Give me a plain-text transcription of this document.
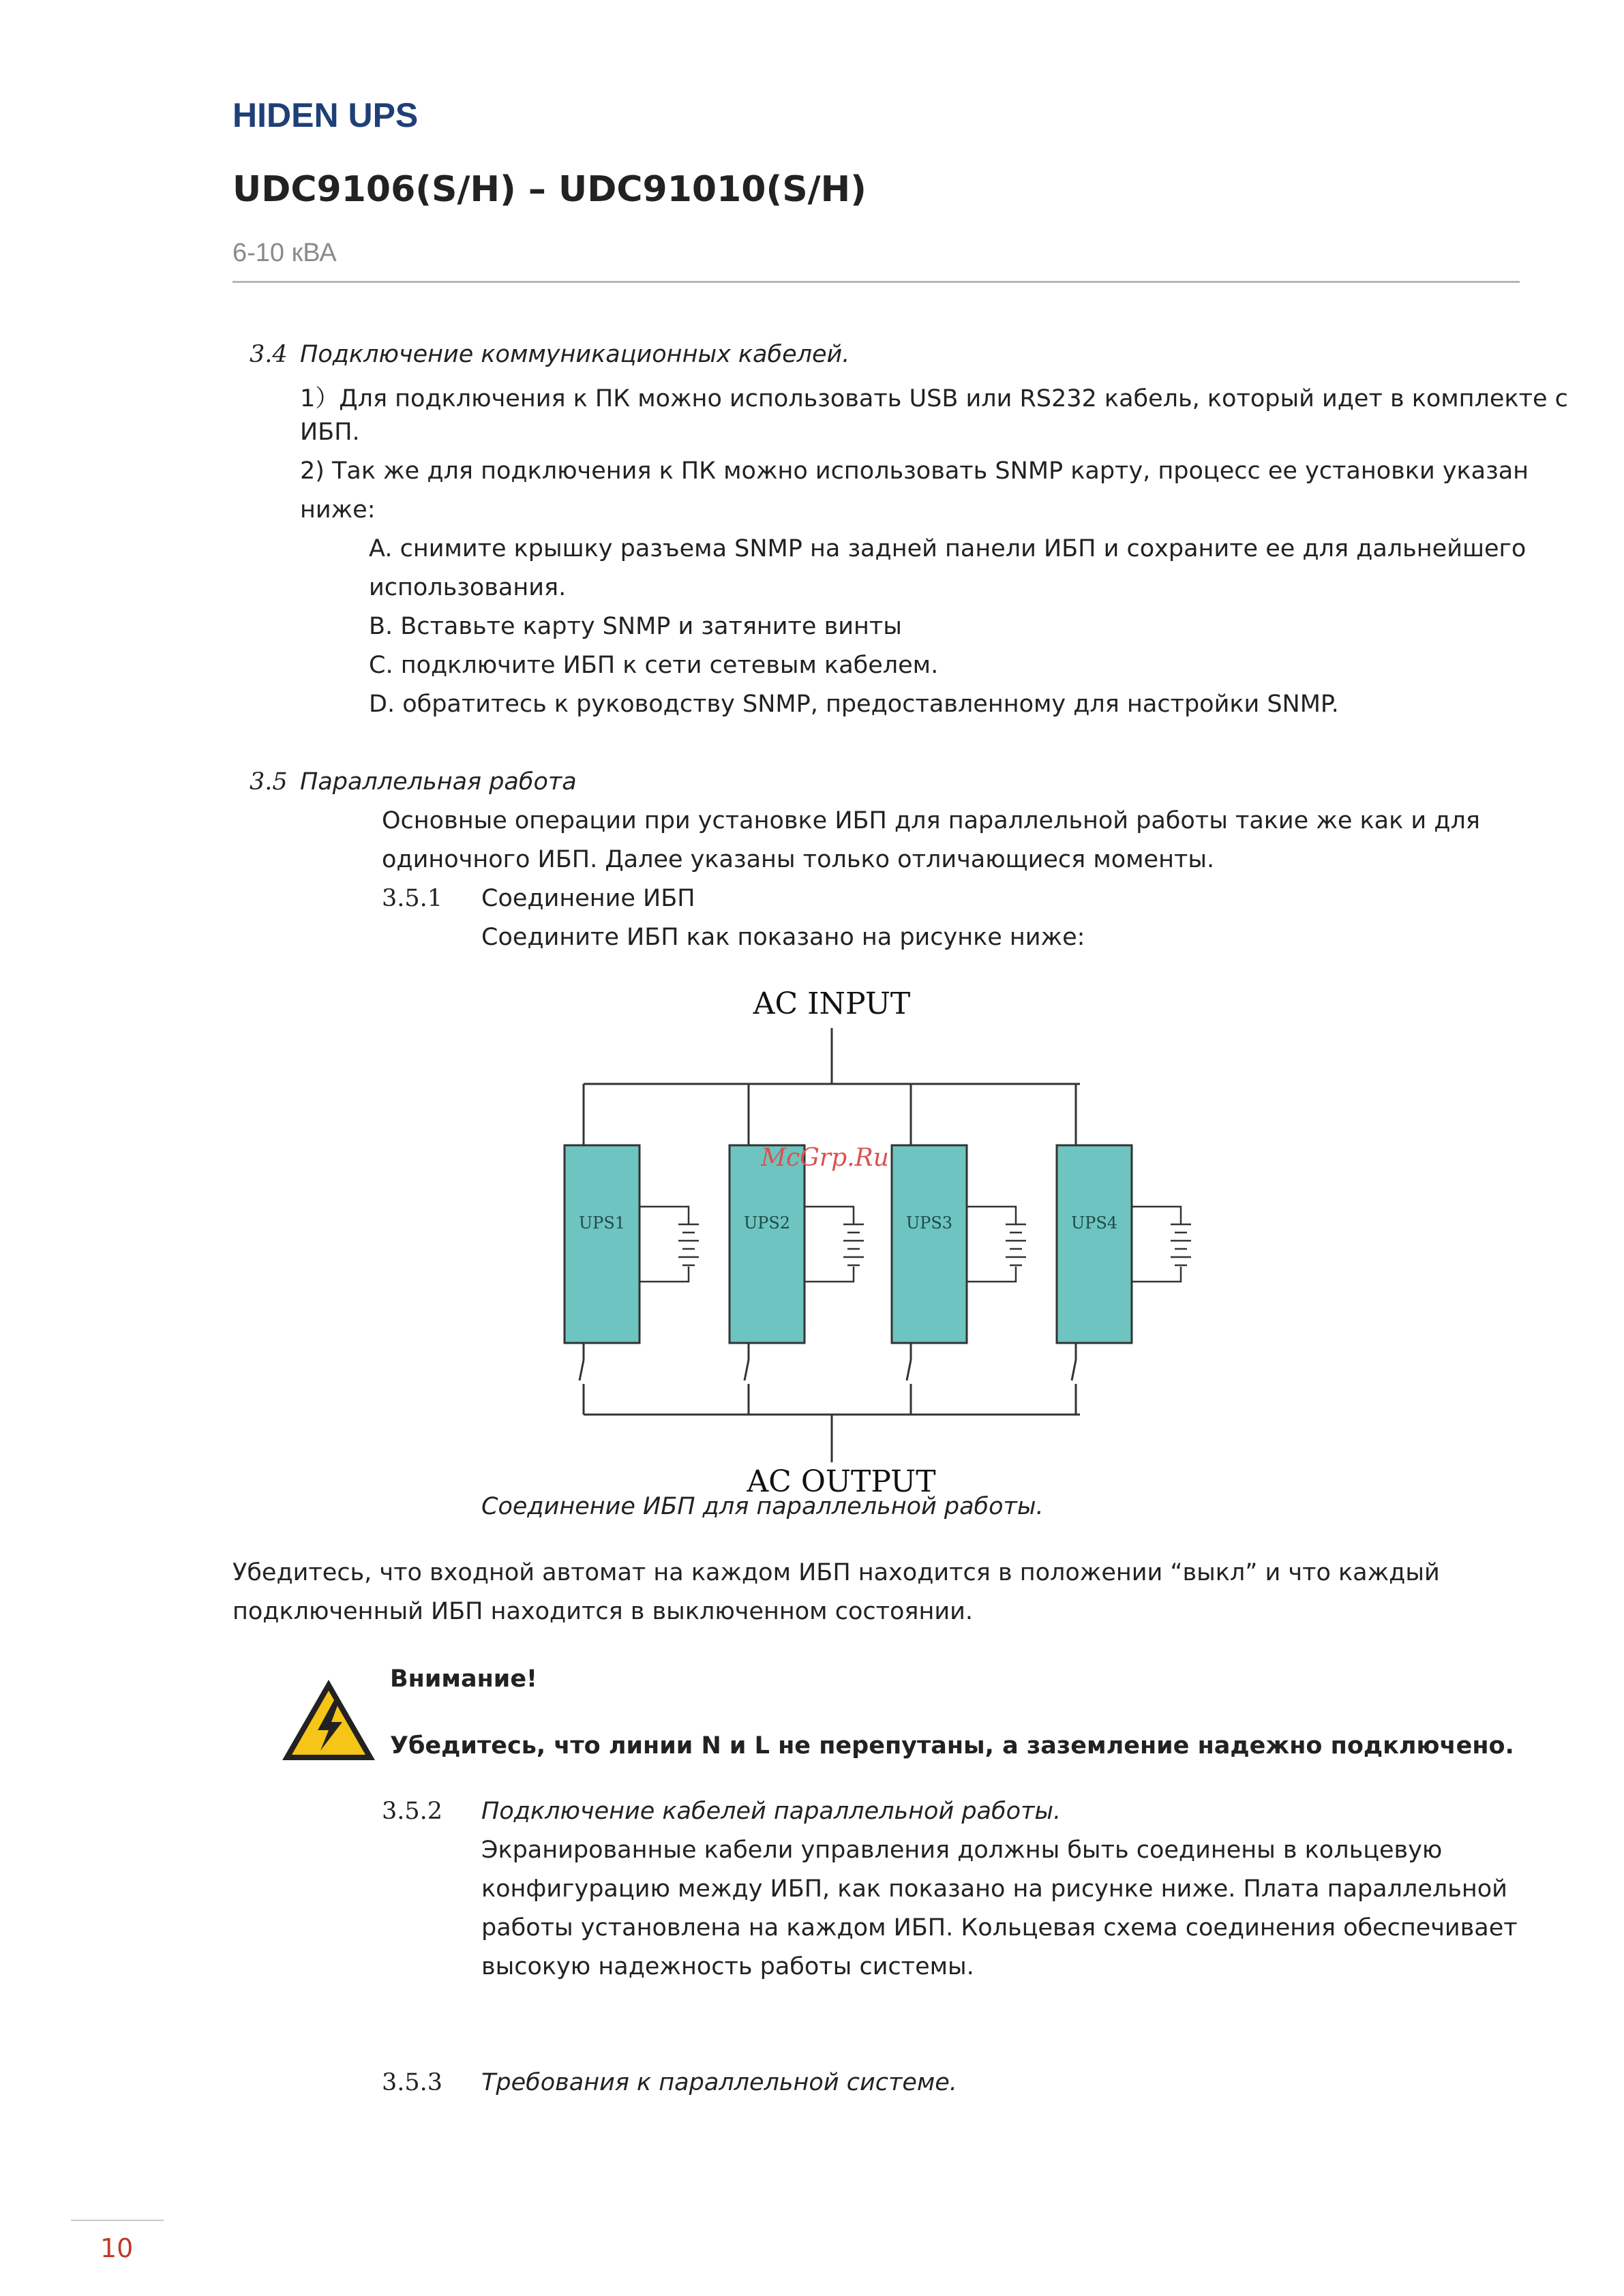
HIDEN UPS
UDC9106(S/H) – UDC91010(S/H)
6-10 кВА
3.4 Подключение коммуникационных кабелей.
1）Для подключения к ПК можно использовать USB или RS232 кабель, который идет в комплекте с
ИБП.
2) Так же для подключения к ПК можно использовать SNMP карту, процесс ее установки указан
ниже:
A. снимите крышку разъема SNMP на задней панели ИБП и сохраните ее для дальнейшего
использования.
B. Вставьте карту SNMP и затяните винты
C. подключите ИБП к сети сетевым кабелем.
D. обратитесь к руководству SNMP, предоставленному для настройки SNMP.
3.5 Параллельная работа
Основные операции при установке ИБП для параллельной работы такие же как и для
одиночного ИБП. Далее указаны только отличающиеся моменты.
3.5.1 Соединение ИБП
Соедините ИБП как показано на рисунке ниже:
AC INPUT
UPS1	UPS2	UPS3	UPS4
AC OUTPUT
McGrp.Ru
Соединение ИБП для параллельной работы.
Убедитесь, что входной автомат на каждом ИБП находится в положении “выкл” и что каждый
подключенный ИБП находится в выключенном состоянии.
Внимание!
Убедитесь, что линии N и L не перепутаны, а заземление надежно подключено.
3.5.2 Подключение кабелей параллельной работы.
Экранированные кабели управления должны быть соединены в кольцевую
конфигурацию между ИБП, как показано на рисунке ниже. Плата параллельной
работы установлена на каждом ИБП. Кольцевая схема соединения обеспечивает
высокую надежность работы системы.
3.5.3 Требования к параллельной системе.
10
